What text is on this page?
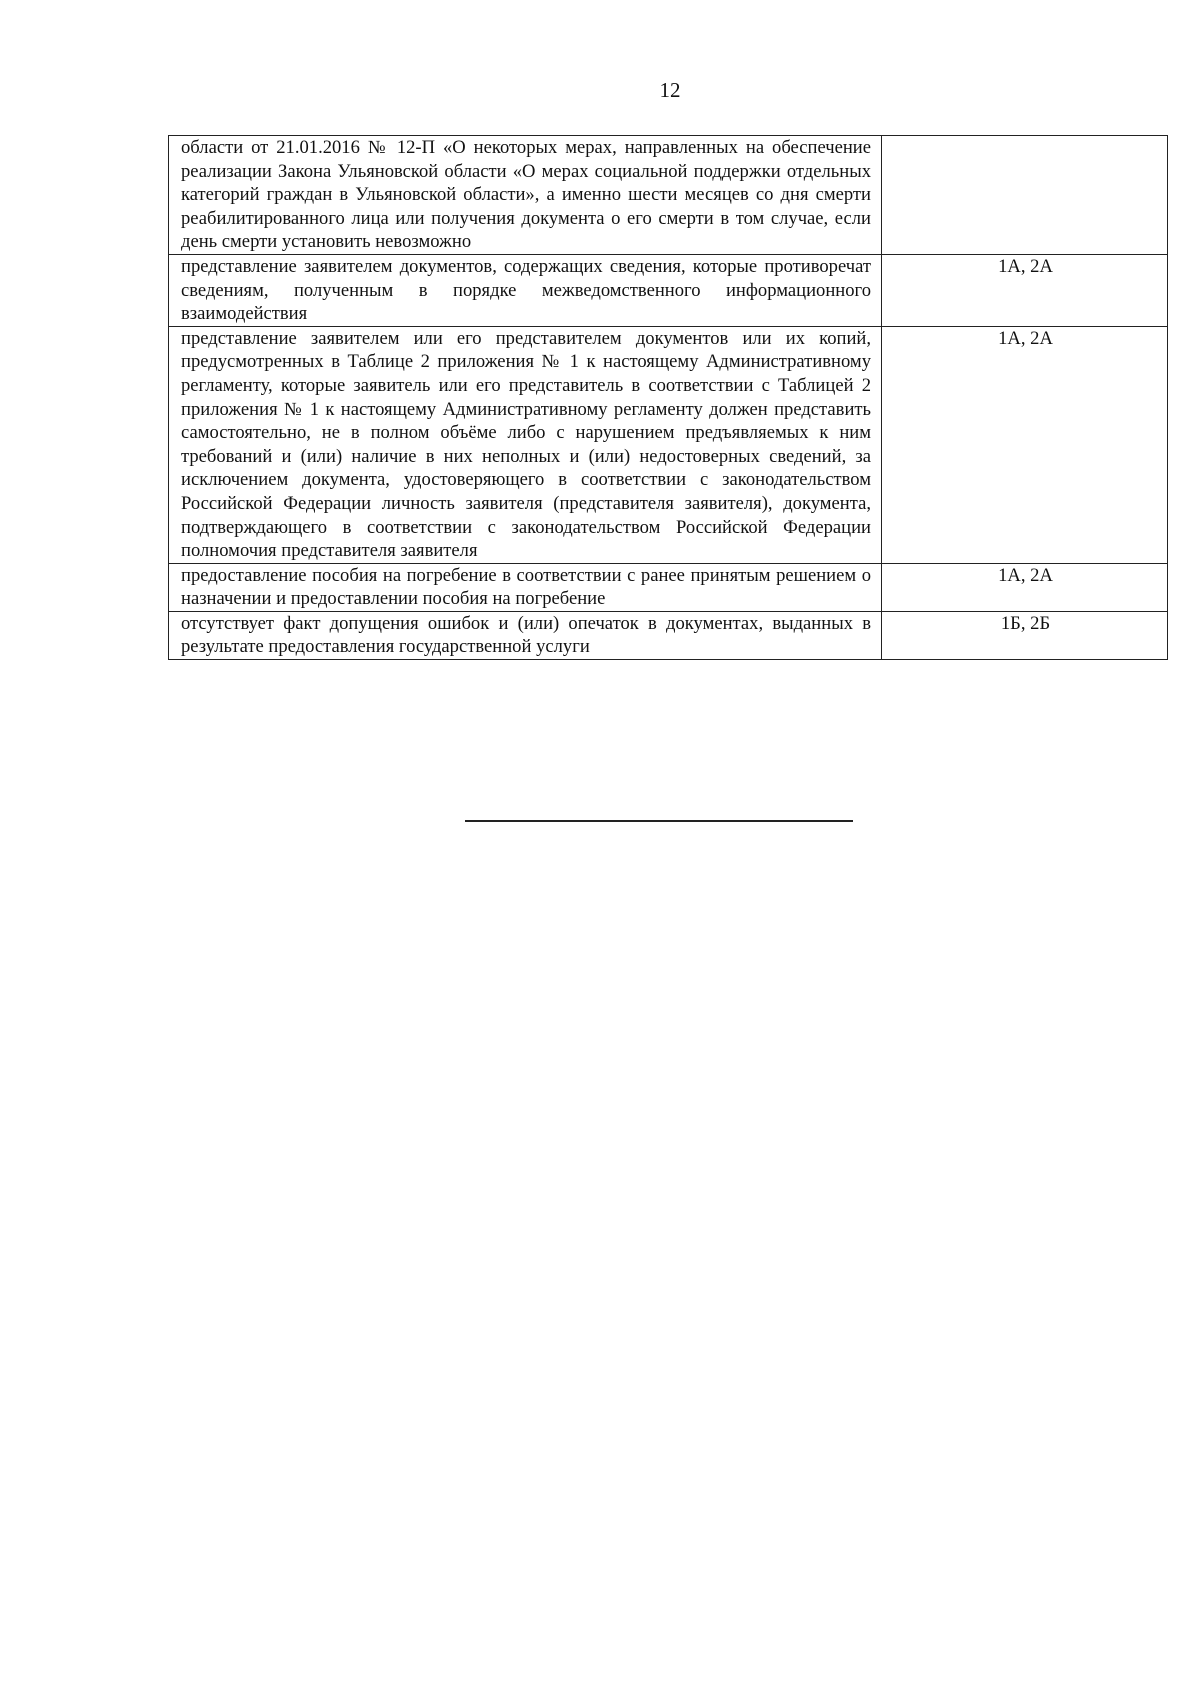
12
области от 21.01.2016 № 12-П «О некоторых мерах, направленных на обеспечение реализации Закона Ульяновской области «О мерах социальной поддержки отдельных категорий граждан в Ульяновской области», а именно шести месяцев со дня смерти реабилитированного лица или получения документа о его смерти в том случае, если день смерти установить невозможно	
представление заявителем документов, содержащих сведения, которые противоречат сведениям, полученным в порядке межведомственного информационного взаимодействия	1А, 2А
представление заявителем или его представителем документов или их копий, предусмотренных в Таблице 2 приложения № 1 к настоящему Административному регламенту, которые заявитель или его представитель в соответствии с Таблицей 2 приложения № 1 к настоящему Административному регламенту должен представить самостоятельно, не в полном объёме либо с нарушением предъявляемых к ним требований и (или) наличие в них неполных и (или) недостоверных сведений, за исключением документа, удостоверяющего в соответствии с законодательством Российской Федерации личность заявителя (представителя заявителя), документа, подтверждающего в соответствии с законодательством Российской Федерации полномочия представителя заявителя	1А, 2А
предоставление пособия на погребение в соответствии с ранее принятым решением о назначении и предоставлении пособия на погребение	1А, 2А
отсутствует факт допущения ошибок и (или) опечаток в документах, выданных в результате предоставления государственной услуги	1Б, 2Б
